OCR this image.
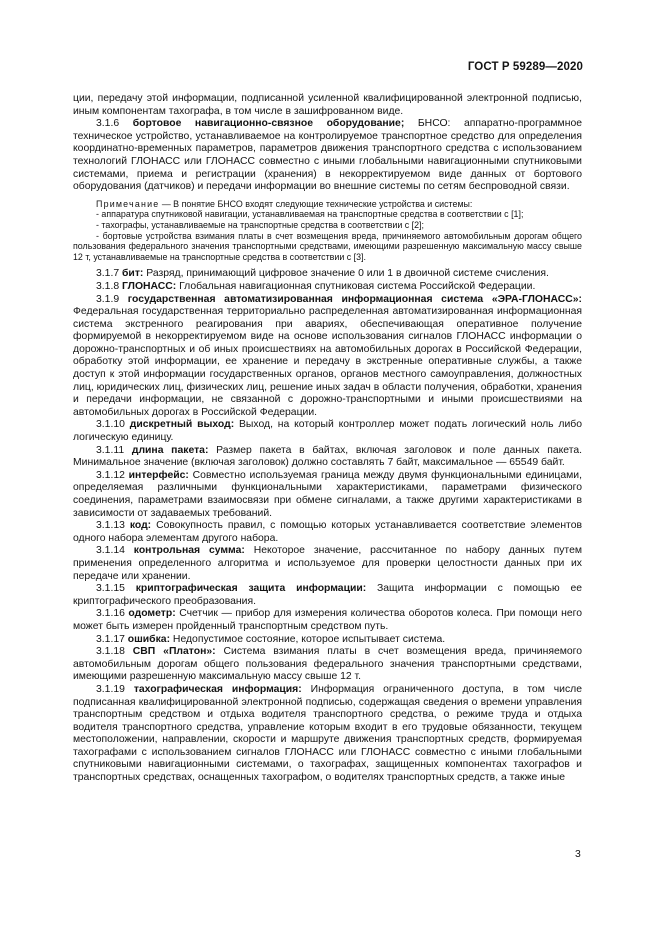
ГОСТ Р 59289—2020

ции, передачу этой информации, подписанной усиленной квалифицированной электронной подписью, иным компонентам тахографа, в том числе в зашифрованном виде.

3.1.6 бортовое навигационно-связное оборудование; БНСО: аппаратно-программное техническое устройство, устанавливаемое на контролируемое транспортное средство для определения координатно-временных параметров, параметров движения транспортного средства с использованием технологий ГЛОНАСС или ГЛОНАСС совместно с иными глобальными навигационными спутниковыми системами, приема и регистрации (хранения) в некорректируемом виде данных от бортового оборудования (датчиков) и передачи информации во внешние системы по сетям беспроводной связи.

Примечание — В понятие БНСО входят следующие технические устройства и системы:

- аппаратура спутниковой навигации, устанавливаемая на транспортные средства в соответствии с [1];

- тахографы, устанавливаемые на транспортные средства в соответствии с [2];

- бортовые устройства взимания платы в счет возмещения вреда, причиняемого автомобильным дорогам общего пользования федерального значения транспортными средствами, имеющими разрешенную максимальную массу свыше 12 т, устанавливаемые на транспортные средства в соответствии с [3].

3.1.7 бит: Разряд, принимающий цифровое значение 0 или 1 в двоичной системе счисления.

3.1.8 ГЛОНАСС: Глобальная навигационная спутниковая система Российской Федерации.

3.1.9 государственная автоматизированная информационная система «ЭРА-ГЛОНАСС»: Федеральная государственная территориально распределенная автоматизированная информационная система экстренного реагирования при авариях, обеспечивающая оперативное получение формируемой в некорректируемом виде на основе использования сигналов ГЛОНАСС информации о дорожно-транспортных и об иных происшествиях на автомобильных дорогах в Российской Федерации, обработку этой информации, ее хранение и передачу в экстренные оперативные службы, а также доступ к этой информации государственных органов, органов местного самоуправления, должностных лиц, юридических лиц, физических лиц, решение иных задач в области получения, обработки, хранения и передачи информации, не связанной с дорожно-транспортными и иными происшествиями на автомобильных дорогах в Российской Федерации.

3.1.10 дискретный выход: Выход, на который контроллер может подать логический ноль либо логическую единицу.

3.1.11 длина пакета: Размер пакета в байтах, включая заголовок и поле данных пакета. Минимальное значение (включая заголовок) должно составлять 7 байт, максимальное — 65549 байт.

3.1.12 интерфейс: Совместно используемая граница между двумя функциональными единицами, определяемая различными функциональными характеристиками, параметрами физического соединения, параметрами взаимосвязи при обмене сигналами, а также другими характеристиками в зависимости от задаваемых требований.

3.1.13 код: Совокупность правил, с помощью которых устанавливается соответствие элементов одного набора элементам другого набора.

3.1.14 контрольная сумма: Некоторое значение, рассчитанное по набору данных путем применения определенного алгоритма и используемое для проверки целостности данных при их передаче или хранении.

3.1.15 криптографическая защита информации: Защита информации с помощью ее криптографического преобразования.

3.1.16 одометр: Счетчик — прибор для измерения количества оборотов колеса. При помощи него может быть измерен пройденный транспортным средством путь.

3.1.17 ошибка: Недопустимое состояние, которое испытывает система.

3.1.18 СВП «Платон»: Система взимания платы в счет возмещения вреда, причиняемого автомобильным дорогам общего пользования федерального значения транспортными средствами, имеющими разрешенную максимальную массу свыше 12 т.

3.1.19 тахографическая информация: Информация ограниченного доступа, в том числе подписанная квалифицированной электронной подписью, содержащая сведения о времени управления транспортным средством и отдыха водителя транспортного средства, о режиме труда и отдыха водителя транспортного средства, управление которым входит в его трудовые обязанности, текущем местоположении, направлении, скорости и маршруте движения транспортных средств, формируемая тахографами с использованием сигналов ГЛОНАСС или ГЛОНАСС совместно с иными глобальными спутниковыми навигационными системами, о тахографах, защищенных компонентах тахографов и транспортных средствах, оснащенных тахографом, о водителях транспортных средств, а также иные

3
